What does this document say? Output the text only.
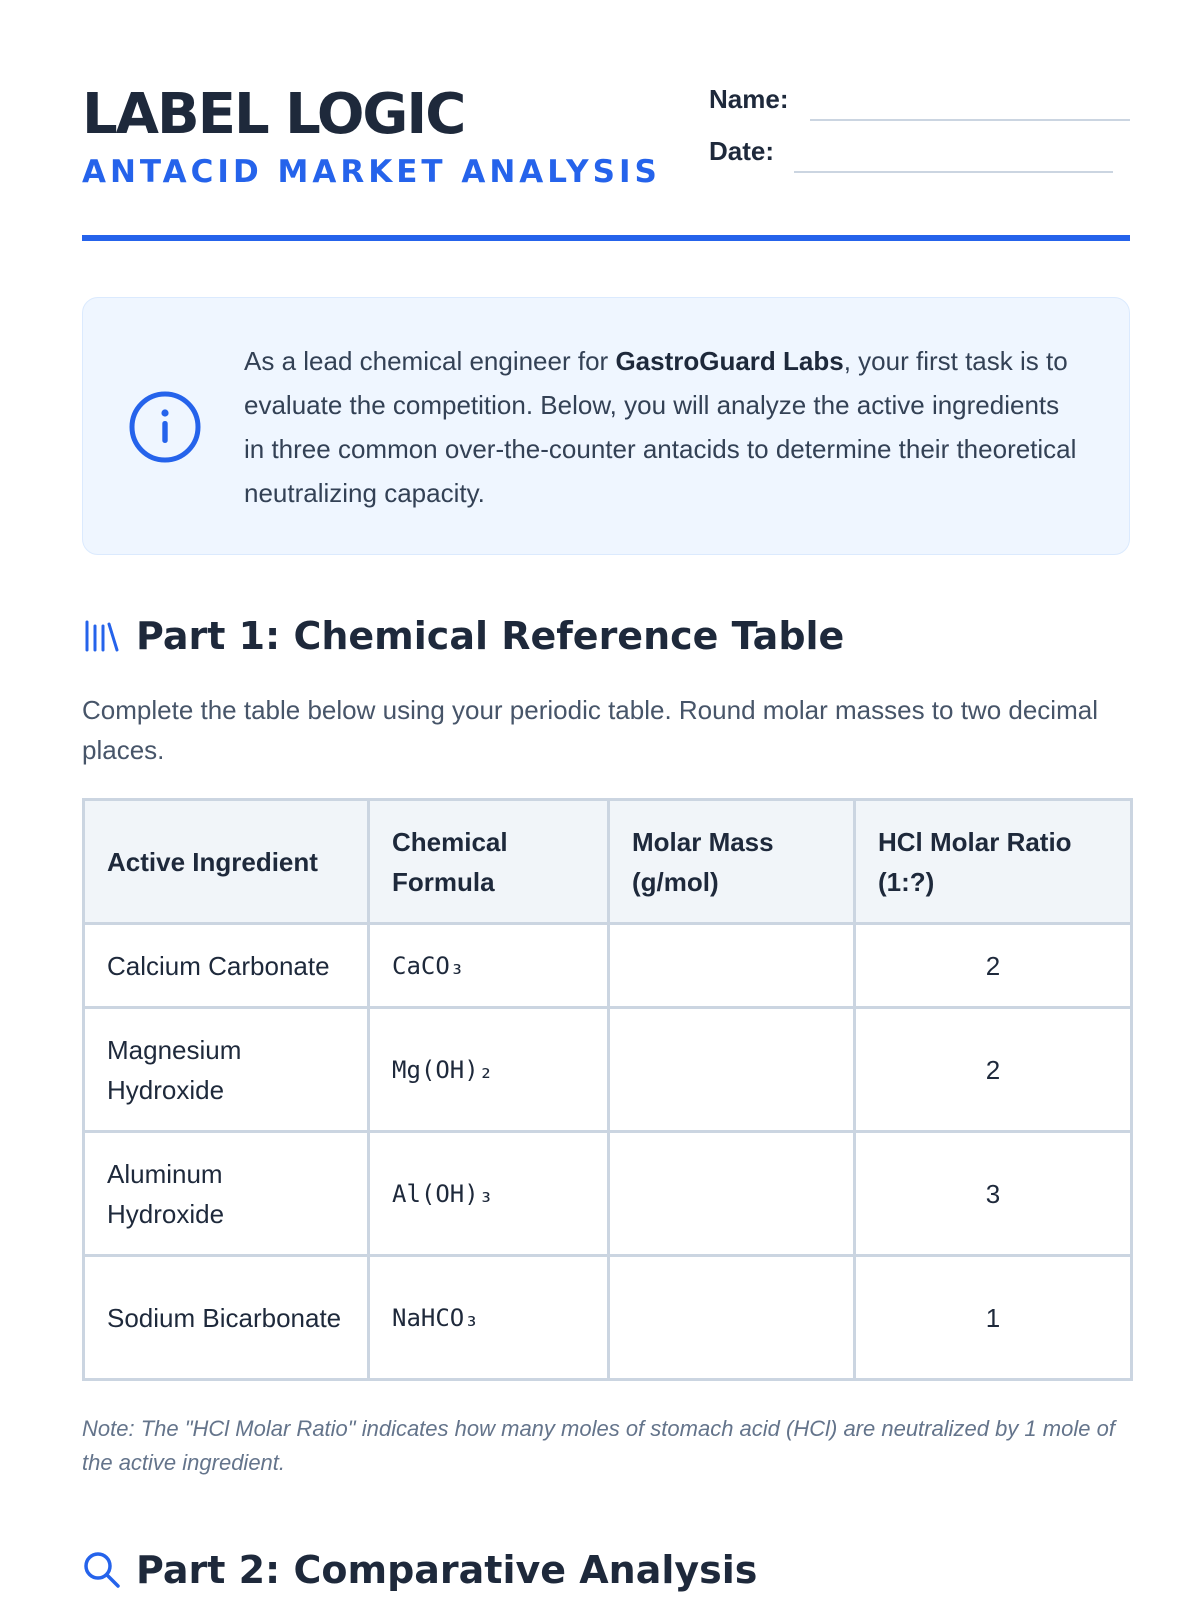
LABEL LOGIC
ANTACID MARKET ANALYSIS
Name:
Date:

As a lead chemical engineer for GastroGuard Labs, your first task is to evaluate the competition. Below, you will analyze the active ingredients in three common over-the-counter antacids to determine their theoretical neutralizing capacity.

Part 1: Chemical Reference Table

Complete the table below using your periodic table. Round molar masses to two decimal places.

Active Ingredient	Chemical Formula	Molar Mass (g/mol)	HCl Molar Ratio (1:?)
Calcium Carbonate	CaCO₃		2
Magnesium Hydroxide	Mg(OH)₂		2
Aluminum Hydroxide	Al(OH)₃		3
Sodium Bicarbonate	NaHCO₃		1

Note: The "HCl Molar Ratio" indicates how many moles of stomach acid (HCl) are neutralized by 1 mole of the active ingredient.

Part 2: Comparative Analysis
